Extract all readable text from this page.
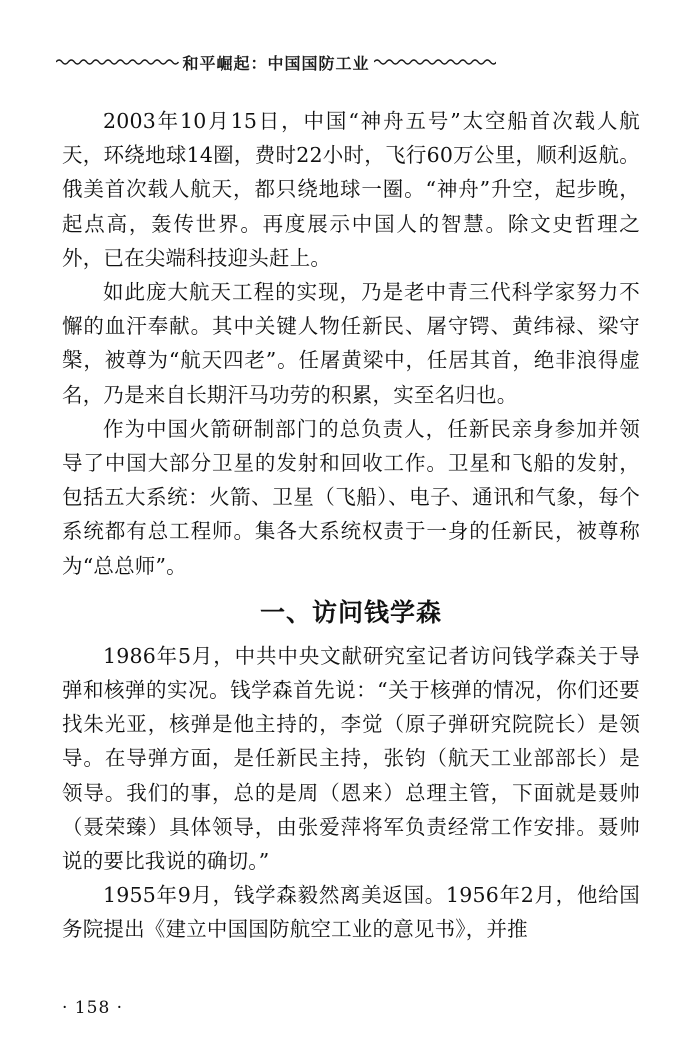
和平崛起：中国国防工业

2003年10月15日，中国“神舟五号”太空船首次载人航天，环绕地球14圈，费时22小时，飞行60万公里，顺利返航。俄美首次载人航天，都只绕地球一圈。“神舟”升空，起步晚，起点高，轰传世界。再度展示中国人的智慧。除文史哲理之外，已在尖端科技迎头赶上。

如此庞大航天工程的实现，乃是老中青三代科学家努力不懈的血汗奉献。其中关键人物任新民、屠守锷、黄纬禄、梁守槃，被尊为“航天四老”。任屠黄梁中，任居其首，绝非浪得虚名，乃是来自长期汗马功劳的积累，实至名归也。

作为中国火箭研制部门的总负责人，任新民亲身参加并领导了中国大部分卫星的发射和回收工作。卫星和飞船的发射，包括五大系统：火箭、卫星（飞船）、电子、通讯和气象，每个系统都有总工程师。集各大系统权责于一身的任新民，被尊称为“总总师”。

一、访问钱学森

1986年5月，中共中央文献研究室记者访问钱学森关于导弹和核弹的实况。钱学森首先说：“关于核弹的情况，你们还要找朱光亚，核弹是他主持的，李觉（原子弹研究院院长）是领导。在导弹方面，是任新民主持，张钧（航天工业部部长）是领导。我们的事，总的是周（恩来）总理主管，下面就是聂帅（聂荣臻）具体领导，由张爱萍将军负责经常工作安排。聂帅说的要比我说的确切。”

1955年9月，钱学森毅然离美返国。1956年2月，他给国务院提出《建立中国国防航空工业的意见书》，并推

· 158 ·
